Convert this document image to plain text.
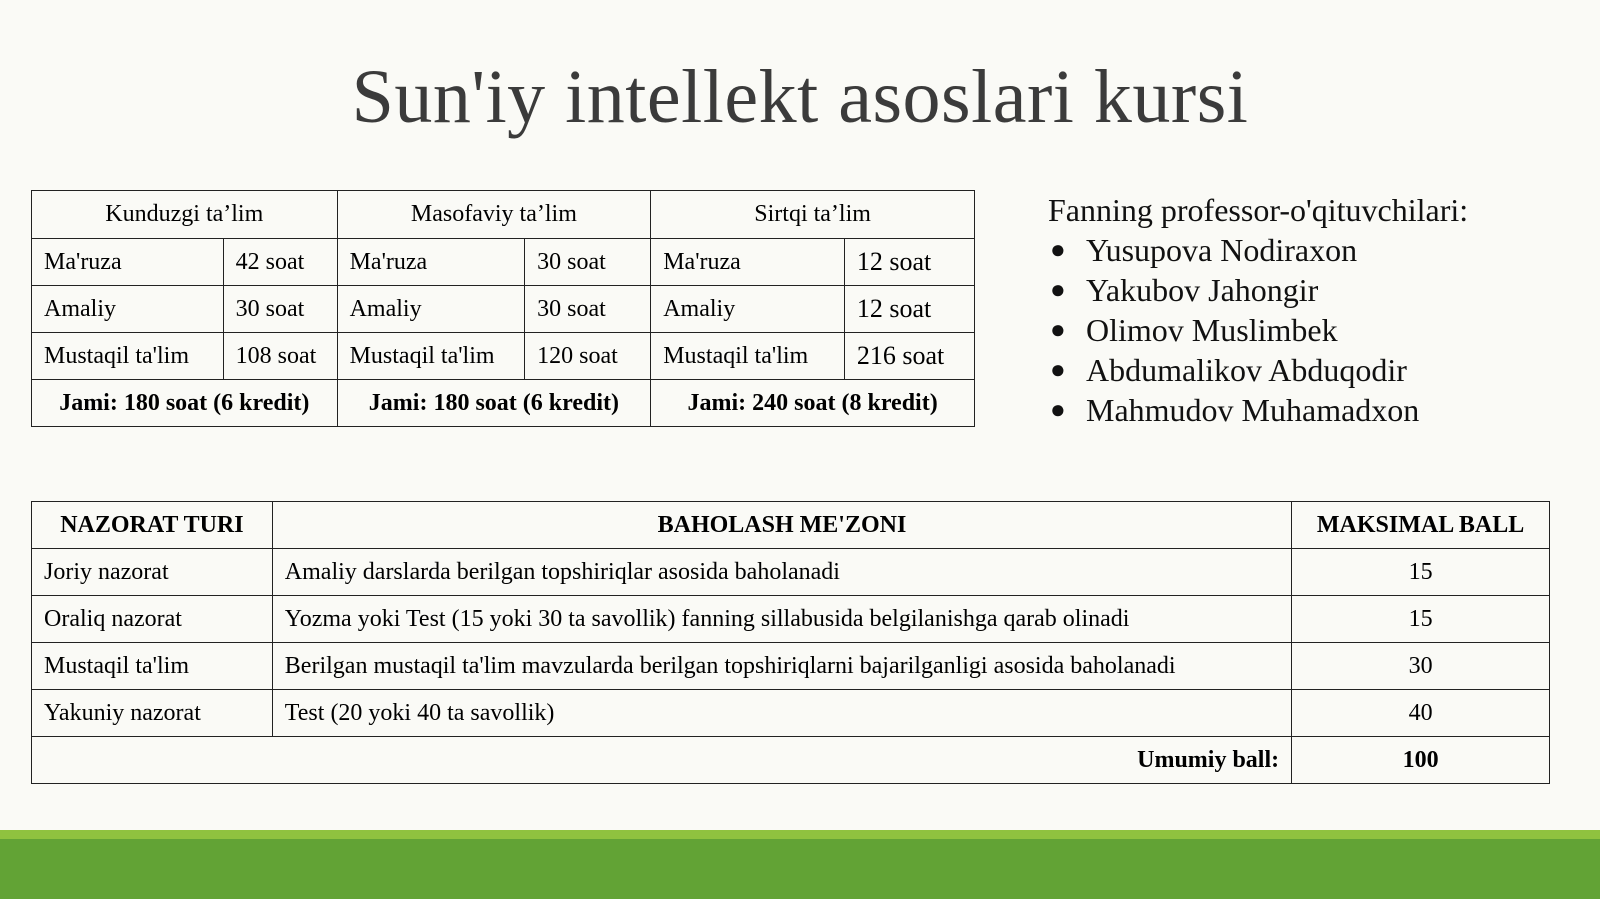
Sun'iy intellekt asoslari kursi
Kunduzgi ta’lim		Masofaviy ta’lim		Sirtqi ta’lim	
Ma'ruza	42 soat	Ma'ruza	30 soat	Ma'ruza	12 soat
Amaliy	30 soat	Amaliy	30 soat	Amaliy	12 soat
Mustaqil ta'lim	108 soat	Mustaqil ta'lim	120 soat	Mustaqil ta'lim	216 soat
Jami: 180 soat (6 kredit)		Jami: 180 soat (6 kredit)		Jami: 240 soat (8 kredit)	
Fanning professor-o'qituvchilari:
● Yusupova Nodiraxon
● Yakubov Jahongir
● Olimov Muslimbek
● Abdumalikov Abduqodir
● Mahmudov Muhamadxon
NAZORAT TURI	BAHOLASH ME'ZONI	MAKSIMAL BALL
Joriy nazorat	Amaliy darslarda berilgan topshiriqlar asosida baholanadi	15
Oraliq nazorat	Yozma yoki Test (15 yoki 30 ta savollik) fanning sillabusida belgilanishga qarab olinadi	15
Mustaqil ta'lim	Berilgan mustaqil ta'lim mavzularda berilgan topshiriqlarni bajarilganligi asosida baholanadi	30
Yakuniy nazorat	Test (20 yoki 40 ta savollik)	40
Umumiy ball:		100
